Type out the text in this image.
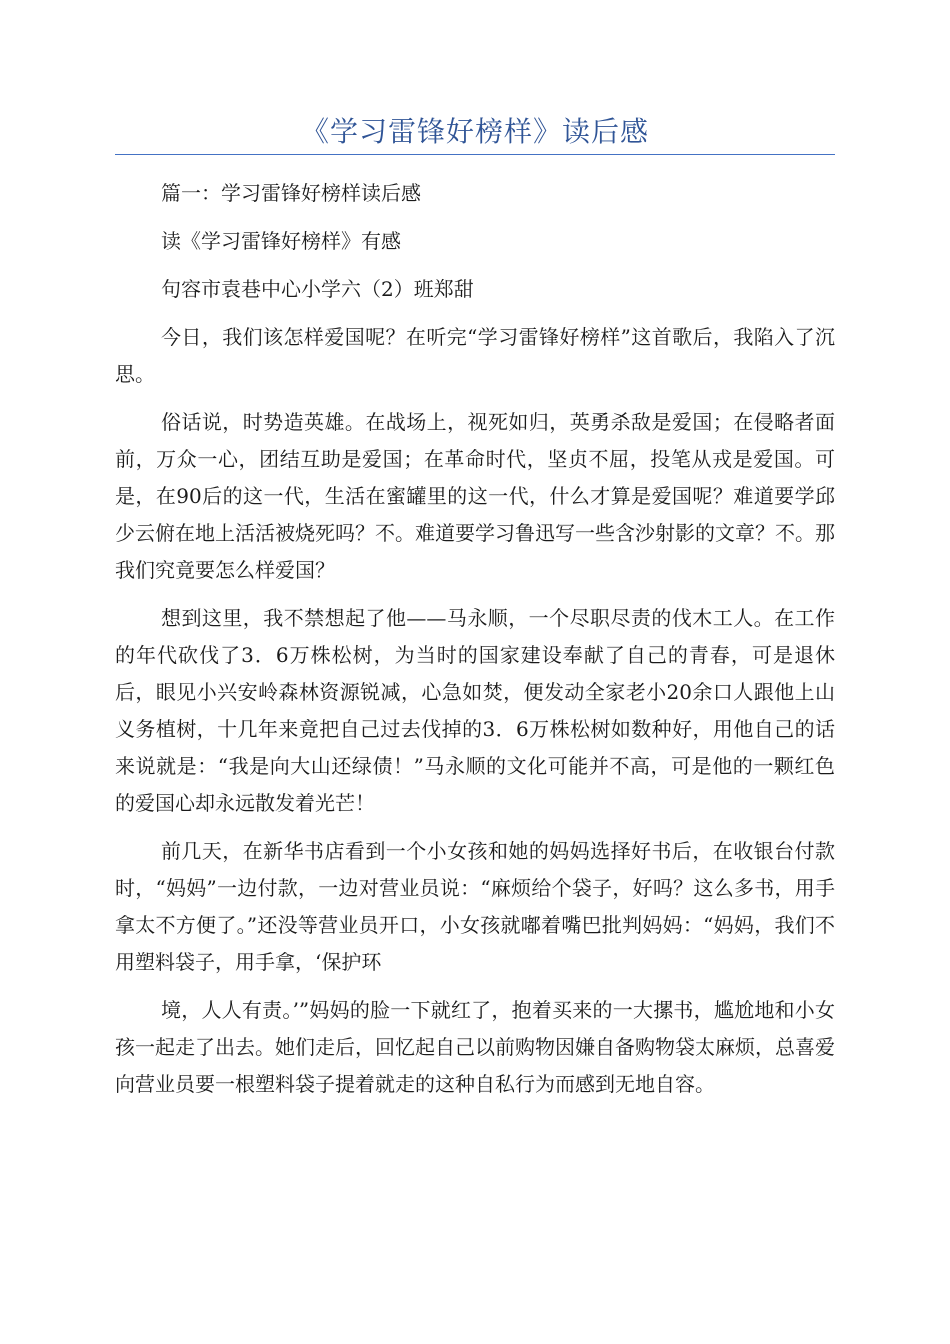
《学习雷锋好榜样》读后感

篇一：学习雷锋好榜样读后感

读《学习雷锋好榜样》有感

句容市袁巷中心小学六（2）班郑甜

今日，我们该怎样爱国呢？在听完“学习雷锋好榜样”这首歌后，我陷入了沉思。

俗话说，时势造英雄。在战场上，视死如归，英勇杀敌是爱国；在侵略者面前，万众一心，团结互助是爱国；在革命时代，坚贞不屈，投笔从戎是爱国。可是，在90后的这一代，生活在蜜罐里的这一代，什么才算是爱国呢？难道要学邱少云俯在地上活活被烧死吗？不。难道要学习鲁迅写一些含沙射影的文章？不。那我们究竟要怎么样爱国？

想到这里，我不禁想起了他——马永顺，一个尽职尽责的伐木工人。在工作的年代砍伐了3．6万株松树，为当时的国家建设奉献了自己的青春，可是退休后，眼见小兴安岭森林资源锐减，心急如焚，便发动全家老小20余口人跟他上山义务植树，十几年来竟把自己过去伐掉的3．6万株松树如数种好，用他自己的话来说就是：“我是向大山还绿债！”马永顺的文化可能并不高，可是他的一颗红色的爱国心却永远散发着光芒！

前几天，在新华书店看到一个小女孩和她的妈妈选择好书后，在收银台付款时，“妈妈”一边付款，一边对营业员说：“麻烦给个袋子，好吗？这么多书，用手拿太不方便了。”还没等营业员开口，小女孩就嘟着嘴巴批判妈妈：“妈妈，我们不用塑料袋子，用手拿，‘保护环

境，人人有责。’”妈妈的脸一下就红了，抱着买来的一大摞书，尴尬地和小女孩一起走了出去。她们走后，回忆起自己以前购物因嫌自备购物袋太麻烦，总喜爱向营业员要一根塑料袋子提着就走的这种自私行为而感到无地自容。
